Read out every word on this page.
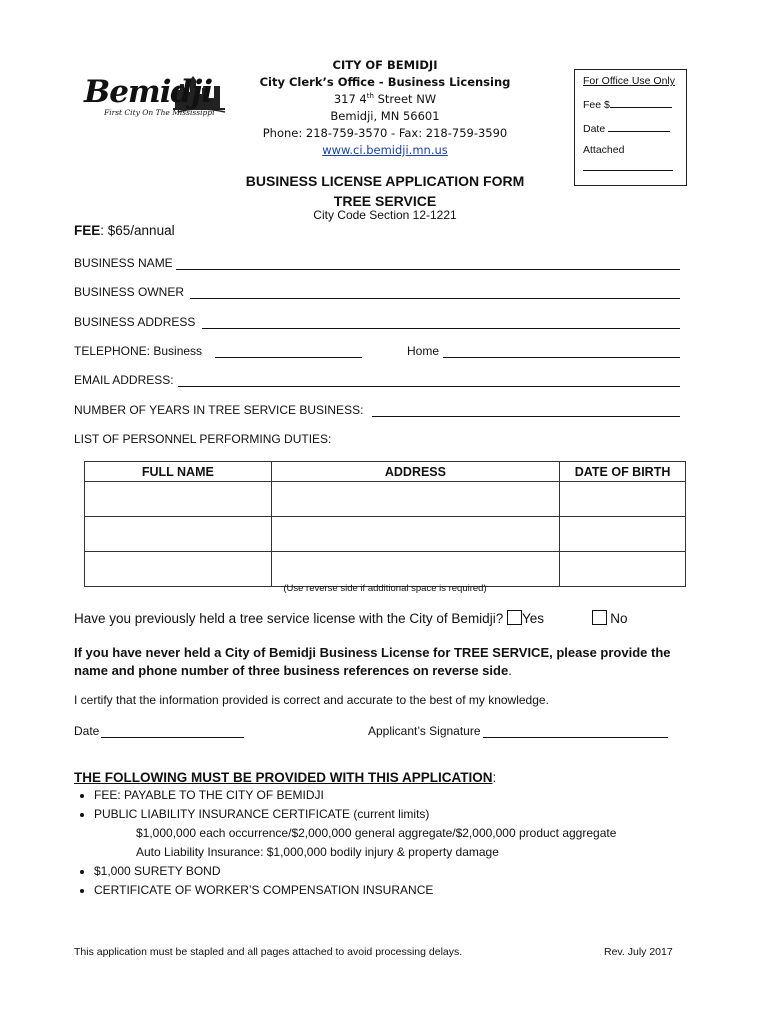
Bemidji
First City On The Mississippi
CITY OF BEMIDJI
City Clerk’s Office - Business Licensing
317 4th Street NW
Bemidji, MN 56601
Phone: 218-759-3570 - Fax: 218-759-3590
www.ci.bemidji.mn.us
For Office Use Only
Fee $
Date
Attached
BUSINESS LICENSE APPLICATION FORM
TREE SERVICE
City Code Section 12-1221
FEE: $65/annual
BUSINESS NAME
BUSINESS OWNER
BUSINESS ADDRESS
TELEPHONE: Business	Home
EMAIL ADDRESS:
NUMBER OF YEARS IN TREE SERVICE BUSINESS:
LIST OF PERSONNEL PERFORMING DUTIES:
FULL NAME	ADDRESS	DATE OF BIRTH

(Use reverse side if additional space is required)
Have you previously held a tree service license with the City of Bemidji? Yes	No
If you have never held a City of Bemidji Business License for TREE SERVICE, please provide the
name and phone number of three business references on reverse side.
I certify that the information provided is correct and accurate to the best of my knowledge.
Date	Applicant’s Signature
THE FOLLOWING MUST BE PROVIDED WITH THIS APPLICATION:
• FEE: PAYABLE TO THE CITY OF BEMIDJI
• PUBLIC LIABILITY INSURANCE CERTIFICATE (current limits)
$1,000,000 each occurrence/$2,000,000 general aggregate/$2,000,000 product aggregate
Auto Liability Insurance: $1,000,000 bodily injury & property damage
• $1,000 SURETY BOND
• CERTIFICATE OF WORKER’S COMPENSATION INSURANCE
This application must be stapled and all pages attached to avoid processing delays.	Rev. July 2017
